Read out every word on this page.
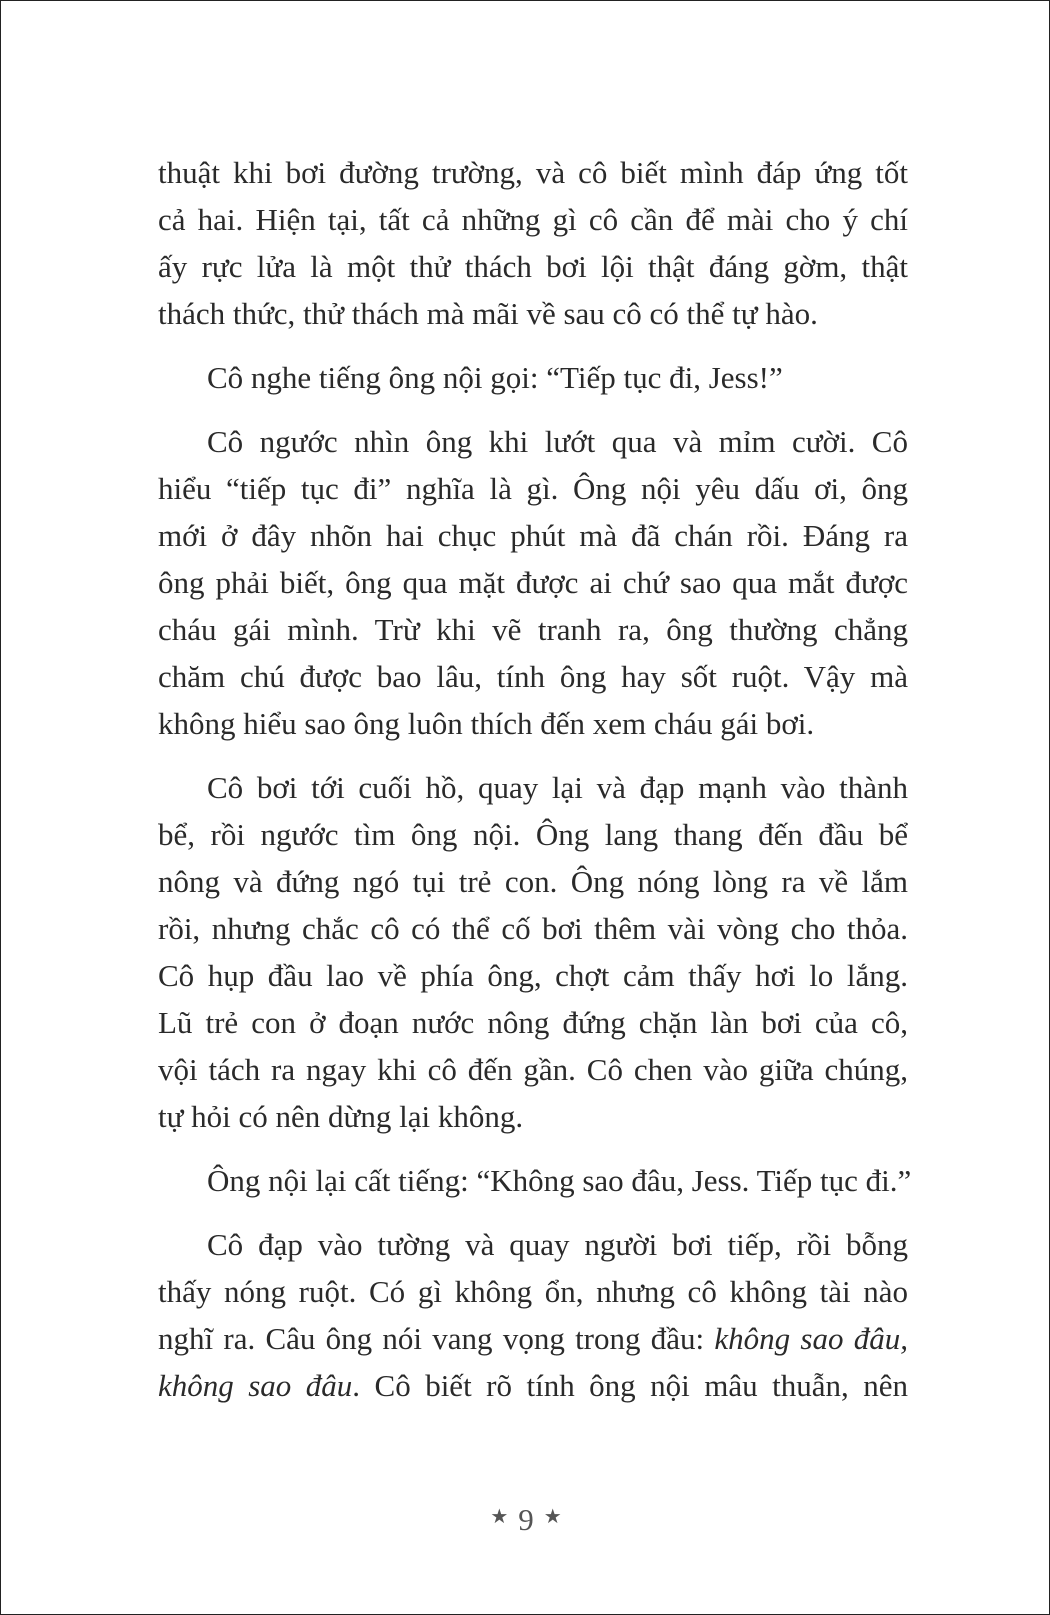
thuật khi bơi đường trường, và cô biết mình đáp ứng tốt
cả hai. Hiện tại, tất cả những gì cô cần để mài cho ý chí
ấy rực lửa là một thử thách bơi lội thật đáng gờm, thật
thách thức, thử thách mà mãi về sau cô có thể tự hào.
Cô nghe tiếng ông nội gọi: “Tiếp tục đi, Jess!”
Cô ngước nhìn ông khi lướt qua và mỉm cười. Cô
hiểu “tiếp tục đi” nghĩa là gì. Ông nội yêu dấu ơi, ông
mới ở đây nhõn hai chục phút mà đã chán rồi. Đáng ra
ông phải biết, ông qua mặt được ai chứ sao qua mắt được
cháu gái mình. Trừ khi vẽ tranh ra, ông thường chẳng
chăm chú được bao lâu, tính ông hay sốt ruột. Vậy mà
không hiểu sao ông luôn thích đến xem cháu gái bơi.
Cô bơi tới cuối hồ, quay lại và đạp mạnh vào thành
bể, rồi ngước tìm ông nội. Ông lang thang đến đầu bể
nông và đứng ngó tụi trẻ con. Ông nóng lòng ra về lắm
rồi, nhưng chắc cô có thể cố bơi thêm vài vòng cho thỏa.
Cô hụp đầu lao về phía ông, chợt cảm thấy hơi lo lắng.
Lũ trẻ con ở đoạn nước nông đứng chặn làn bơi của cô,
vội tách ra ngay khi cô đến gần. Cô chen vào giữa chúng,
tự hỏi có nên dừng lại không.
Ông nội lại cất tiếng: “Không sao đâu, Jess. Tiếp tục đi.”
Cô đạp vào tường và quay người bơi tiếp, rồi bỗng
thấy nóng ruột. Có gì không ổn, nhưng cô không tài nào
nghĩ ra. Câu ông nói vang vọng trong đầu: không sao đâu,
không sao đâu. Cô biết rõ tính ông nội mâu thuẫn, nên
★ 9 ★
